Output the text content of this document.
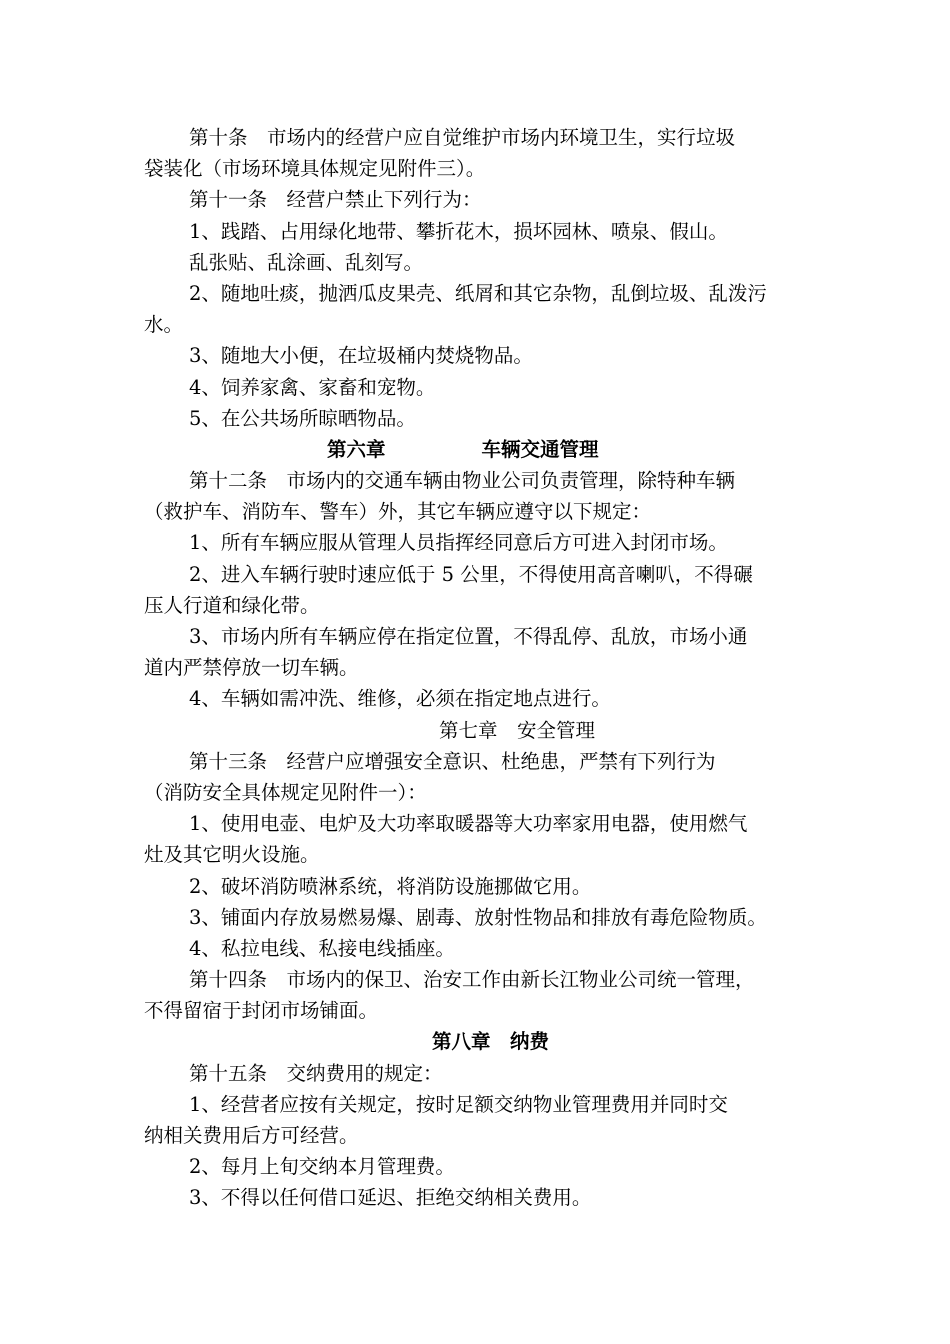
第十条　市场内的经营户应自觉维护市场内环境卫生，实行垃圾
袋装化（市场环境具体规定见附件三）。
第十一条　经营户禁止下列行为：
1、践踏、占用绿化地带、攀折花木，损坏园林、喷泉、假山。
乱张贴、乱涂画、乱刻写。
2、随地吐痰，抛洒瓜皮果壳、纸屑和其它杂物，乱倒垃圾、乱泼污
水。
3、随地大小便，在垃圾桶内焚烧物品。
4、饲养家禽、家畜和宠物。
5、在公共场所晾晒物品。
第六章	车辆交通管理
第十二条　市场内的交通车辆由物业公司负责管理，除特种车辆
（救护车、消防车、警车）外，其它车辆应遵守以下规定：
1、所有车辆应服从管理人员指挥经同意后方可进入封闭市场。
2、进入车辆行驶时速应低于 5 公里，不得使用高音喇叭，不得碾
压人行道和绿化带。
3、市场内所有车辆应停在指定位置，不得乱停、乱放，市场小通
道内严禁停放一切车辆。
4、车辆如需冲洗、维修，必须在指定地点进行。
第七章　安全管理
第十三条　经营户应增强安全意识、杜绝患，严禁有下列行为
（消防安全具体规定见附件一）：
1、使用电壶、电炉及大功率取暖器等大功率家用电器，使用燃气
灶及其它明火设施。
2、破坏消防喷淋系统，将消防设施挪做它用。
3、铺面内存放易燃易爆、剧毒、放射性物品和排放有毒危险物质。
4、私拉电线、私接电线插座。
第十四条　市场内的保卫、治安工作由新长江物业公司统一管理，
不得留宿于封闭市场铺面。
第八章　纳费
第十五条　交纳费用的规定：
1、经营者应按有关规定，按时足额交纳物业管理费用并同时交
纳相关费用后方可经营。
2、每月上旬交纳本月管理费。
3、不得以任何借口延迟、拒绝交纳相关费用。
